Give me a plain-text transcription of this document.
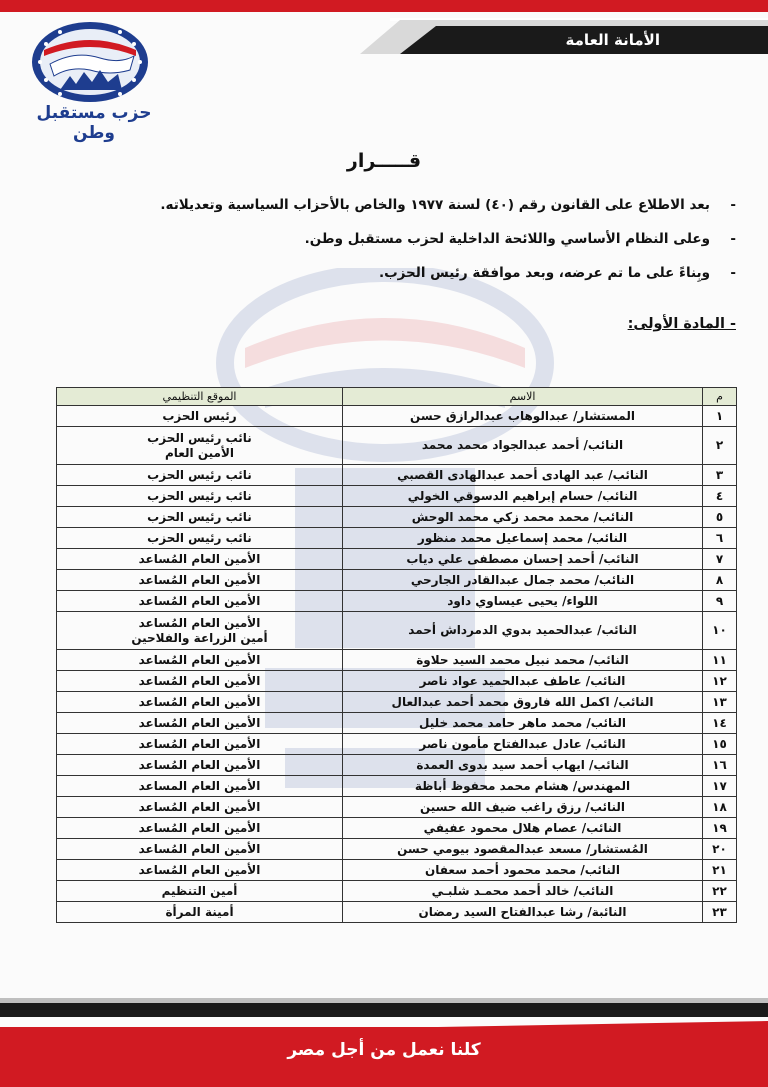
الأمانة العامة
حزب مستقبل وطن
قـــــرار
-بعد الاطلاع على القانون رقم (٤٠) لسنة ١٩٧٧ والخاص بالأحزاب السياسية وتعديلاته.
-وعلى النظام الأساسي واللائحة الداخلية لحزب مستقبل وطن.
-وبِناءً على ما تم عرضه، وبعد موافقة رئيس الحزب.
- المادة الأولى:
م	الاسم	الموقع التنظيمي
١	المستشار/ عبدالوهاب عبدالرازق حسن	رئيس الحزب
٢	النائب/ أحمد عبدالجواد محمد محمد	نائب رئيس الحزب
الأمين العام
٣	النائب/ عبد الهادى أحمد عبدالهادى القصبي	نائب رئيس الحزب
٤	النائب/ حسام إبراهيم الدسوقي الخولي	نائب رئيس الحزب
٥	النائب/ محمد محمد زكي محمد الوحش	نائب رئيس الحزب
٦	النائب/ محمد إسماعيل محمد منظور	نائب رئيس الحزب
٧	النائب/ أحمد إحسان مصطفى علي دياب	الأمين العام المُساعد
٨	النائب/ محمد جمال عبدالقادر الجارحي	الأمين العام المُساعد
٩	اللواء/ يحيى عيساوي داود	الأمين العام المُساعد
١٠	النائب/ عبدالحميد بدوي الدمرداش أحمد	الأمين العام المُساعد
أمين الزراعة والفلاحين
١١	النائب/ محمد نبيل محمد السيد حلاوة	الأمين العام المُساعد
١٢	النائب/ عاطف عبدالحميد عواد ناصر	الأمين العام المُساعد
١٣	النائب/ اكمل الله فاروق محمد أحمد عبدالعال	الأمين العام المُساعد
١٤	النائب/ محمد ماهر حامد محمد خليل	الأمين العام المُساعد
١٥	النائب/ عادل عبدالفتاح مأمون ناصر	الأمين العام المُساعد
١٦	النائب/ ايهاب أحمد سيد بدوى العمدة	الأمين العام المُساعد
١٧	المهندس/ هشام محمد محفوظ أباظة	الأمين العام المساعد
١٨	النائب/ رزق راغب ضيف الله حسين	الأمين العام المُساعد
١٩	النائب/ عصام هلال محمود عفيفي	الأمين العام المُساعد
٢٠	المُستشار/ مسعد عبدالمقصود بيومي حسن	الأمين العام المُساعد
٢١	النائب/ محمد محمود أحمد سعفان	الأمين العام المُساعد
٢٢	النائب/ خالد أحمد محمـد شلبـي	أمين التنظيم
٢٣	النائبة/ رشا عبدالفتاح السيد رمضان	أمينة المرأة
كلنا نعمل من أجل مصر
